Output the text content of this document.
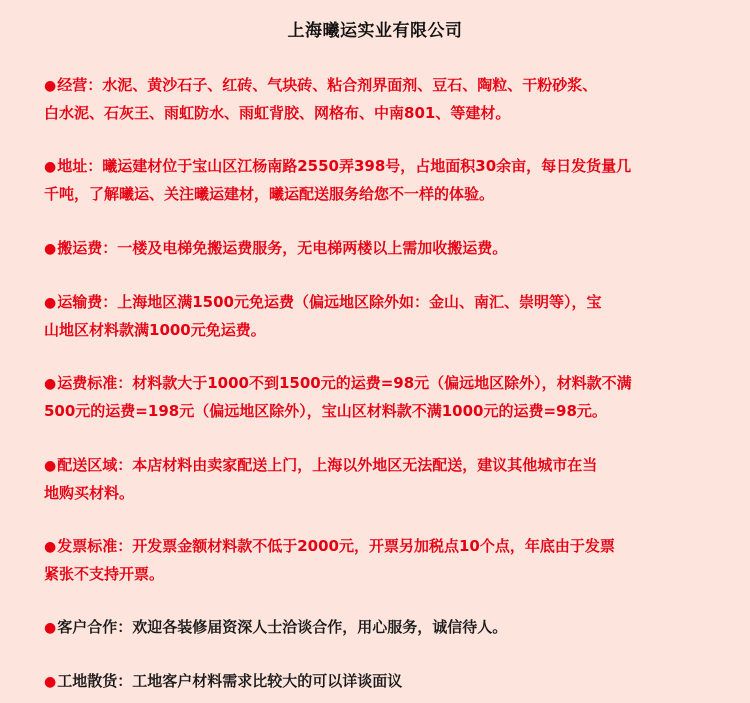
上海曦运实业有限公司
●经营：水泥、黄沙石子、红砖、气块砖、粘合剂界面剂、豆石、陶粒、干粉砂浆、
白水泥、石灰王、雨虹防水、雨虹背胶、网格布、中南801、等建材。
●地址：曦运建材位于宝山区江杨南路2550弄398号，占地面积30余亩，每日发货量几
千吨，了解曦运、关注曦运建材，曦运配送服务给您不一样的体验。
●搬运费：一楼及电梯免搬运费服务，无电梯两楼以上需加收搬运费。
●运输费：上海地区满1500元免运费（偏远地区除外如：金山、南汇、崇明等），宝
山地区材料款满1000元免运费。
●运费标准：材料款大于1000不到1500元的运费=98元（偏远地区除外），材料款不满
500元的运费=198元（偏远地区除外），宝山区材料款不满1000元的运费=98元。
●配送区域：本店材料由卖家配送上门，上海以外地区无法配送，建议其他城市在当
地购买材料。
●发票标准：开发票金额材料款不低于2000元，开票另加税点10个点，年底由于发票
紧张不支持开票。
●客户合作：欢迎各装修届资深人士洽谈合作，用心服务，诚信待人。
●工地散货：工地客户材料需求比较大的可以详谈面议
